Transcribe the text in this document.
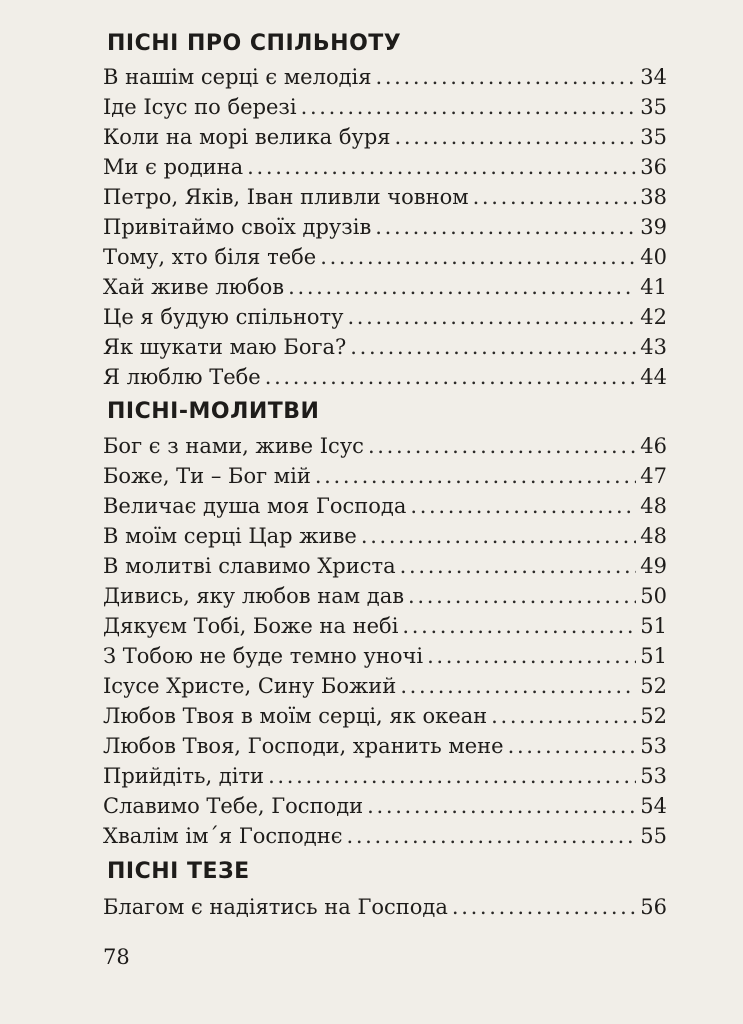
ПІСНІ ПРО СПІЛЬНОТУ
В нашім серці є мелодія . . .	34
Іде Ісус по березі . . .	35
Коли на морі велика буря . . .	35
Ми є родина . . .	36
Петро, Яків, Іван пливли човном . . .	38
Привітаймо своїх друзів . . .	39
Тому, хто біля тебе . . .	40
Хай живе любов . . .	41
Це я будую спільноту . . .	42
Як шукати маю Бога? . . .	43
Я люблю Тебе . . .	44
ПІСНІ-МОЛИТВИ
Бог є з нами, живе Ісус . . .	46
Боже, Ти – Бог мій . . .	47
Величає душа моя Господа . . .	48
В моїм серці Цар живе . . .	48
В молитві славимо Христа . . .	49
Дивись, яку любов нам дав . . .	50
Дякуєм Тобі, Боже на небі . . .	51
З Тобою не буде темно уночі . . .	51
Ісусе Христе, Сину Божий . . .	52
Любов Твоя в моїм серці, як океан . . .	52
Любов Твоя, Господи, хранить мене . . .	53
Прийдіть, діти . . .	53
Славимо Тебе, Господи . . .	54
Хвалім ім´я Господнє . . .	55
ПІСНІ ТЕЗЕ
Благом є надіятись на Господа . . .	56
78
